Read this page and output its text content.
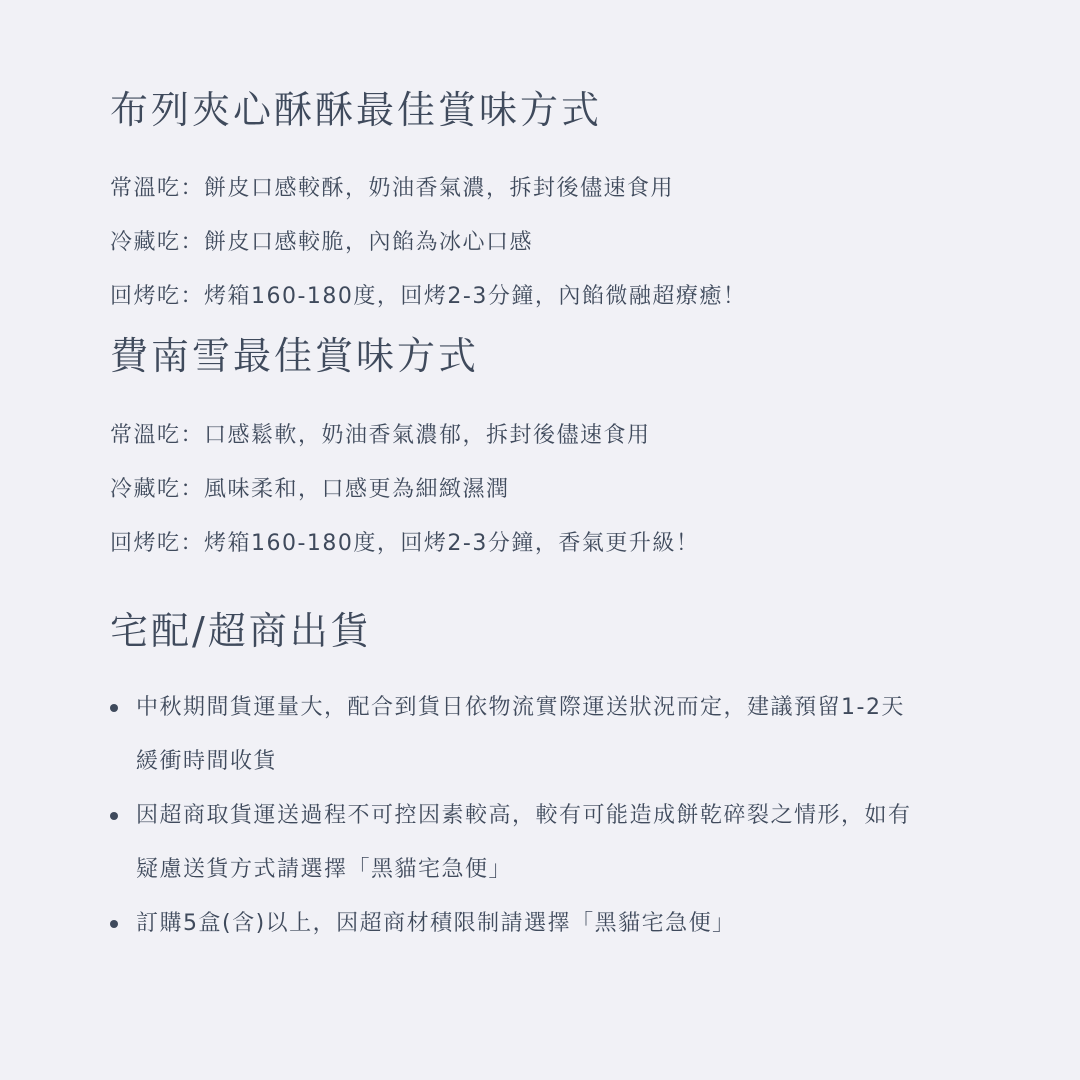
布列夾心酥酥最佳賞味方式
常溫吃：餅皮口感較酥，奶油香氣濃，拆封後儘速食用
冷藏吃：餅皮口感較脆，內餡為冰心口感
回烤吃：烤箱160-180度，回烤2-3分鐘，內餡微融超療癒！
費南雪最佳賞味方式
常溫吃：口感鬆軟，奶油香氣濃郁，拆封後儘速食用
冷藏吃：風味柔和，口感更為細緻濕潤
回烤吃：烤箱160-180度，回烤2-3分鐘，香氣更升級！
宅配/超商出貨
中秋期間貨運量大，配合到貨日依物流實際運送狀況而定，建議預留1-2天緩衝時間收貨
因超商取貨運送過程不可控因素較高，較有可能造成餅乾碎裂之情形，如有疑慮送貨方式請選擇「黑貓宅急便」
訂購5盒(含)以上，因超商材積限制請選擇「黑貓宅急便」
